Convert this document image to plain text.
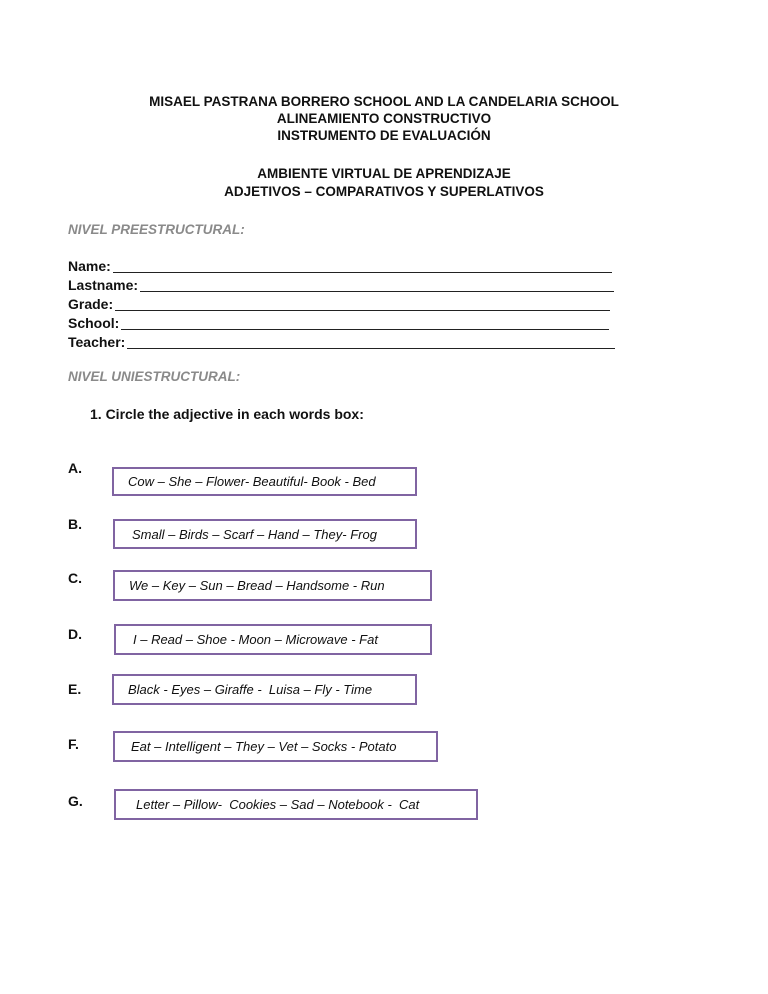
MISAEL PASTRANA BORRERO SCHOOL AND LA CANDELARIA SCHOOL
ALINEAMIENTO CONSTRUCTIVO
INSTRUMENTO DE EVALUACIÓN
AMBIENTE VIRTUAL DE APRENDIZAJE
ADJETIVOS – COMPARATIVOS Y SUPERLATIVOS
NIVEL PREESTRUCTURAL:
Name:
Lastname:
Grade:
School:
Teacher:
NIVEL UNIESTRUCTURAL:
1. Circle the adjective in each words box:
A.
Cow – She – Flower- Beautiful- Book - Bed
B.
Small – Birds – Scarf – Hand – They- Frog
C.	We – Key – Sun – Bread – Handsome - Run
D.	I – Read – Shoe - Moon – Microwave - Fat
E.	Black - Eyes – Giraffe -  Luisa – Fly - Time
F.	Eat – Intelligent – They – Vet – Socks - Potato
G.	Letter – Pillow-  Cookies – Sad – Notebook -  Cat
